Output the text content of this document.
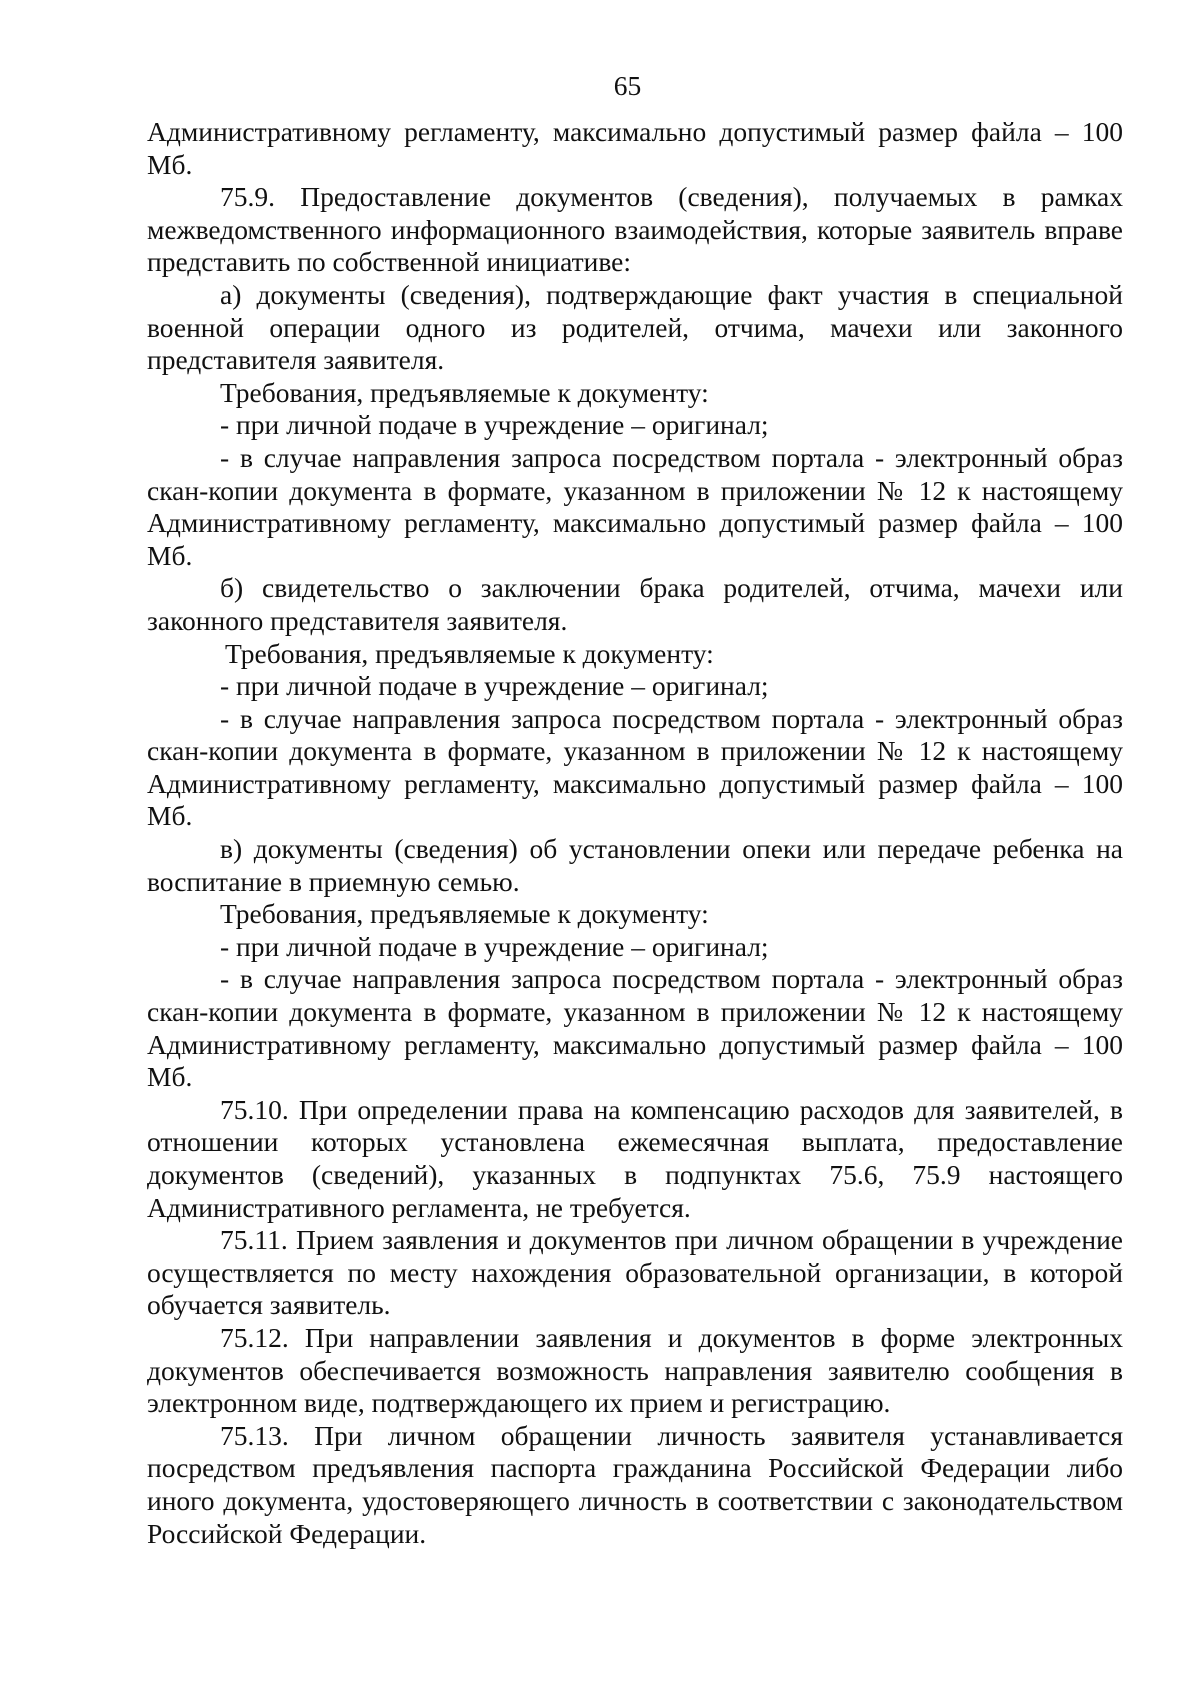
65

Административному регламенту, максимально допустимый размер файла – 100 Мб.

75.9. Предоставление документов (сведения), получаемых в рамках межведомственного информационного взаимодействия, которые заявитель вправе представить по собственной инициативе:

а) документы (сведения), подтверждающие факт участия в специальной военной операции одного из родителей, отчима, мачехи или законного представителя заявителя.

Требования, предъявляемые к документу:

- при личной подаче в учреждение – оригинал;

- в случае направления запроса посредством портала - электронный образ скан-копии документа в формате, указанном в приложении № 12 к настоящему Административному регламенту, максимально допустимый размер файла – 100 Мб.

б) свидетельство о заключении брака родителей, отчима, мачехи или законного представителя заявителя.

Требования, предъявляемые к документу:

- при личной подаче в учреждение – оригинал;

- в случае направления запроса посредством портала - электронный образ скан-копии документа в формате, указанном в приложении № 12 к настоящему Административному регламенту, максимально допустимый размер файла – 100 Мб.

в) документы (сведения) об установлении опеки или передаче ребенка на воспитание в приемную семью.

Требования, предъявляемые к документу:

- при личной подаче в учреждение – оригинал;

- в случае направления запроса посредством портала - электронный образ скан-копии документа в формате, указанном в приложении № 12 к настоящему Административному регламенту, максимально допустимый размер файла – 100 Мб.

75.10. При определении права на компенсацию расходов для заявителей, в отношении которых установлена ежемесячная выплата, предоставление документов (сведений), указанных в подпунктах 75.6, 75.9 настоящего Административного регламента, не требуется.

75.11. Прием заявления и документов при личном обращении в учреждение осуществляется по месту нахождения образовательной организации, в которой обучается заявитель.

75.12. При направлении заявления и документов в форме электронных документов обеспечивается возможность направления заявителю сообщения в электронном виде, подтверждающего их прием и регистрацию.

75.13. При личном обращении личность заявителя устанавливается посредством предъявления паспорта гражданина Российской Федерации либо иного документа, удостоверяющего личность в соответствии с законодательством Российской Федерации.
